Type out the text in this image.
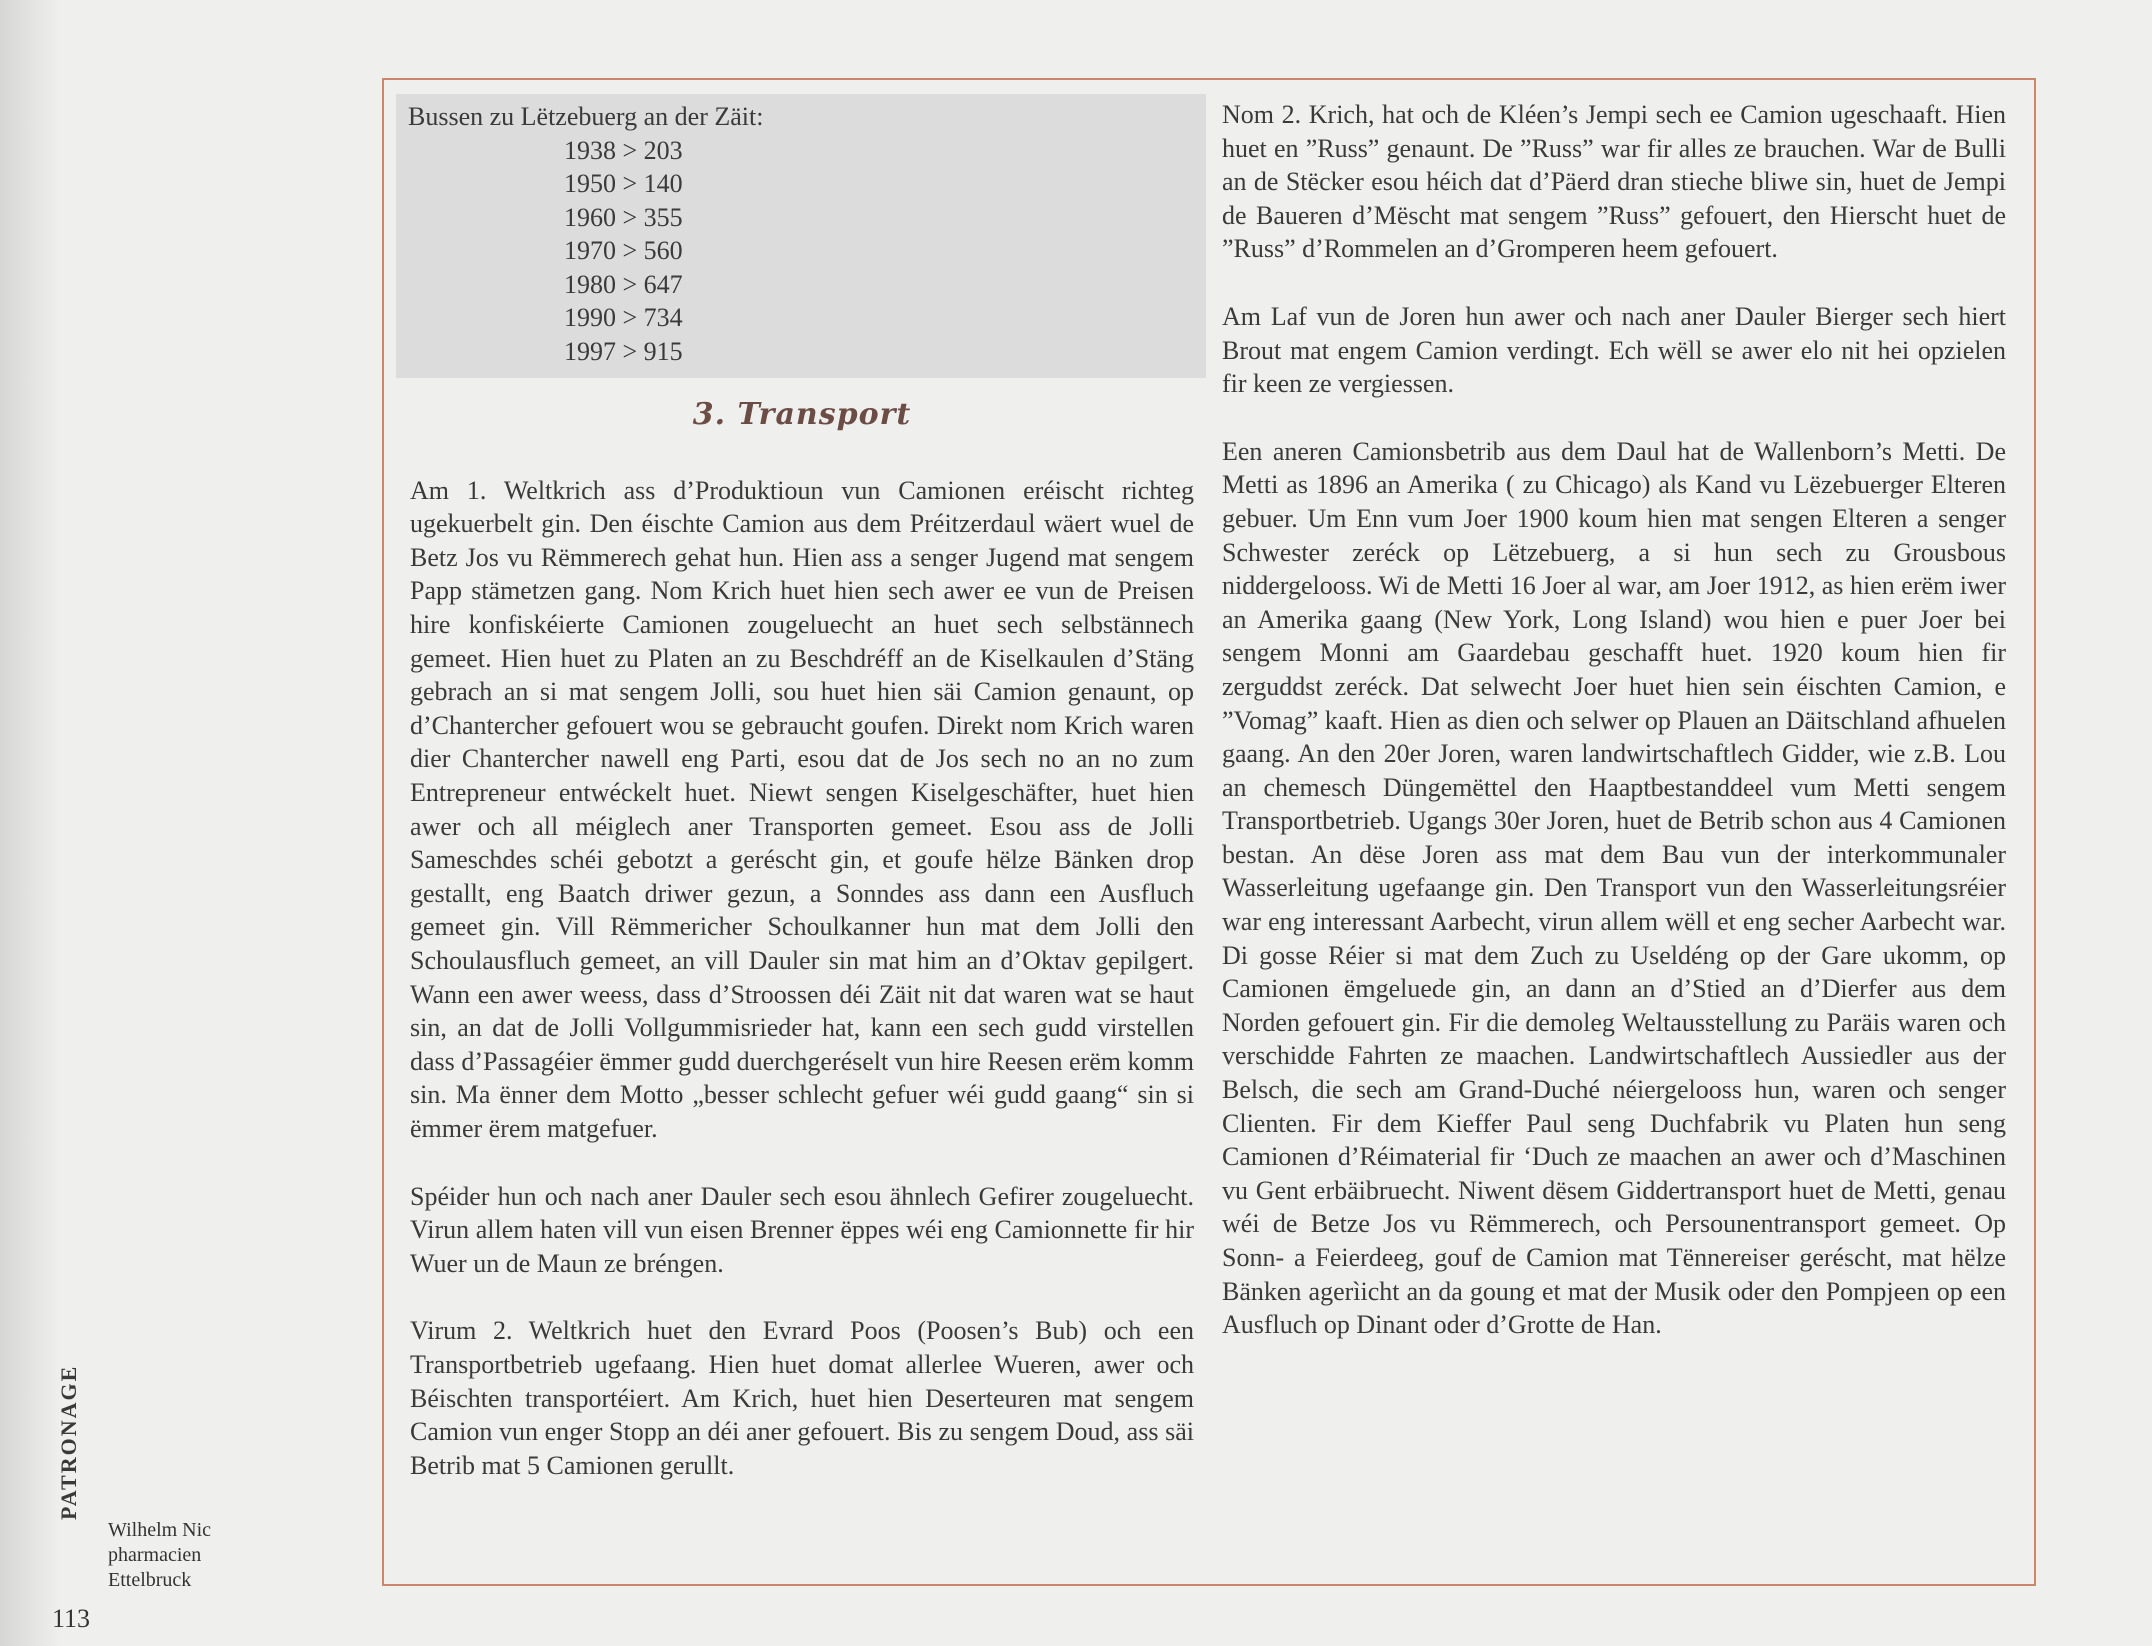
Bussen zu Lëtzebuerg an der Zäit:
1938 > 203
1950 > 140
1960 > 355
1970 > 560
1980 > 647
1990 > 734
1997 > 915
3. Transport

Am 1. Weltkrich ass d’Produktioun vun Camionen eréischt richteg ugekuerbelt gin. Den éischte Camion aus dem Préitzerdaul wäert wuel de Betz Jos vu Rëmmerech gehat hun. Hien ass a senger Jugend mat sengem Papp stämetzen gang. Nom Krich huet hien sech awer ee vun de Preisen hire konfiskéierte Camionen zougeluecht an huet sech selbstännech gemeet. Hien huet zu Platen an zu Beschdréff an de Kiselkaulen d’Stäng gebrach an si mat sengem Jolli, sou huet hien säi Camion genaunt, op d’Chantercher gefouert wou se gebraucht goufen. Direkt nom Krich waren dier Chantercher nawell eng Parti, esou dat de Jos sech no an no zum Entrepreneur entwéckelt huet. Niewt sengen Kiselgeschäfter, huet hien awer och all méiglech aner Transporten gemeet. Esou ass de Jolli Sameschdes schéi gebotzt a geréscht gin, et goufe hëlze Bänken drop gestallt, eng Baatch driwer gezun, a Sonndes ass dann een Ausfluch gemeet gin. Vill Rëmmericher Schoulkanner hun mat dem Jolli den Schoulausfluch gemeet, an vill Dauler sin mat him an d’Oktav gepilgert. Wann een awer weess, dass d’Stroossen déi Zäit nit dat waren wat se haut sin, an dat de Jolli Vollgummisrieder hat, kann een sech gudd virstellen dass d’Passagéier ëmmer gudd duerchgeréselt vun hire Reesen erëm komm sin. Ma ënner dem Motto „besser schlecht gefuer wéi gudd gaang“ sin si ëmmer ërem matgefuer.

Spéider hun och nach aner Dauler sech esou ähnlech Gefirer zougeluecht. Virun allem haten vill vun eisen Brenner ëppes wéi eng Camionnette fir hir Wuer un de Maun ze bréngen.

Virum 2. Weltkrich huet den Evrard Poos (Poosen’s Bub) och een Transportbetrieb ugefaang. Hien huet domat allerlee Wueren, awer och Béischten transportéiert. Am Krich, huet hien Deserteuren mat sengem Camion vun enger Stopp an déi aner gefouert. Bis zu sengem Doud, ass säi Betrib mat 5 Camionen gerullt.

Nom 2. Krich, hat och de Kléen’s Jempi sech ee Camion ugeschaaft. Hien huet en ”Russ” genaunt. De ”Russ” war fir alles ze brauchen. War de Bulli an de Stëcker esou héich dat d’Päerd dran stieche bliwe sin, huet de Jempi de Baueren d’Mëscht mat sengem ”Russ” gefouert, den Hierscht huet de ”Russ” d’Rommelen an d’Gromperen heem gefouert.

Am Laf vun de Joren hun awer och nach aner Dauler Bierger sech hiert Brout mat engem Camion verdingt. Ech wëll se awer elo nit hei opzielen fir keen ze vergiessen.

Een aneren Camionsbetrib aus dem Daul hat de Wallenborn’s Metti. De Metti as 1896 an Amerika ( zu Chicago) als Kand vu Lëzebuerger Elteren gebuer. Um Enn vum Joer 1900 koum hien mat sengen Elteren a senger Schwester zeréck op Lëtzebuerg, a si hun sech zu Grousbous niddergelooss. Wi de Metti 16 Joer al war, am Joer 1912, as hien erëm iwer an Amerika gaang (New York, Long Island) wou hien e puer Joer bei sengem Monni am Gaardebau geschafft huet. 1920 koum hien fir zerguddst zeréck. Dat selwecht Joer huet hien sein éischten Camion, e ”Vomag” kaaft. Hien as dien och selwer op Plauen an Däitschland afhuelen gaang. An den 20er Joren, waren landwirtschaftlech Gidder, wie z.B. Lou an chemesch Düngemëttel den Haaptbestanddeel vum Metti sengem Transportbetrieb. Ugangs 30er Joren, huet de Betrib schon aus 4 Camionen bestan. An dëse Joren ass mat dem Bau vun der interkommunaler Wasserleitung ugefaange gin. Den Transport vun den Wasserleitungsréier war eng interessant Aarbecht, virun allem wëll et eng secher Aarbecht war. Di gosse Réier si mat dem Zuch zu Useldéng op der Gare ukomm, op Camionen ëmgeluede gin, an dann an d’Stied an d’Dierfer aus dem Norden gefouert gin. Fir die demoleg Weltausstellung zu Paräis waren och verschidde Fahrten ze maachen. Landwirtschaftlech Aussiedler aus der Belsch, die sech am Grand-Duché néiergelooss hun, waren och senger Clienten. Fir dem Kieffer Paul seng Duchfabrik vu Platen hun seng Camionen d’Réimaterial fir ‘Duch ze maachen an awer och d’Maschinen vu Gent erbäibruecht. Niwent dësem Giddertransport huet de Metti, genau wéi de Betze Jos vu Rëmmerech, och Persounentransport gemeet. Op Sonn- a Feierdeeg, gouf de Camion mat Tënnereiser geréscht, mat hëlze Bänken agerìicht an da goung et mat der Musik oder den Pompjeen op een Ausfluch op Dinant oder d’Grotte de Han.

PATRONAGE
Wilhelm Nic
pharmacien
Ettelbruck
113
